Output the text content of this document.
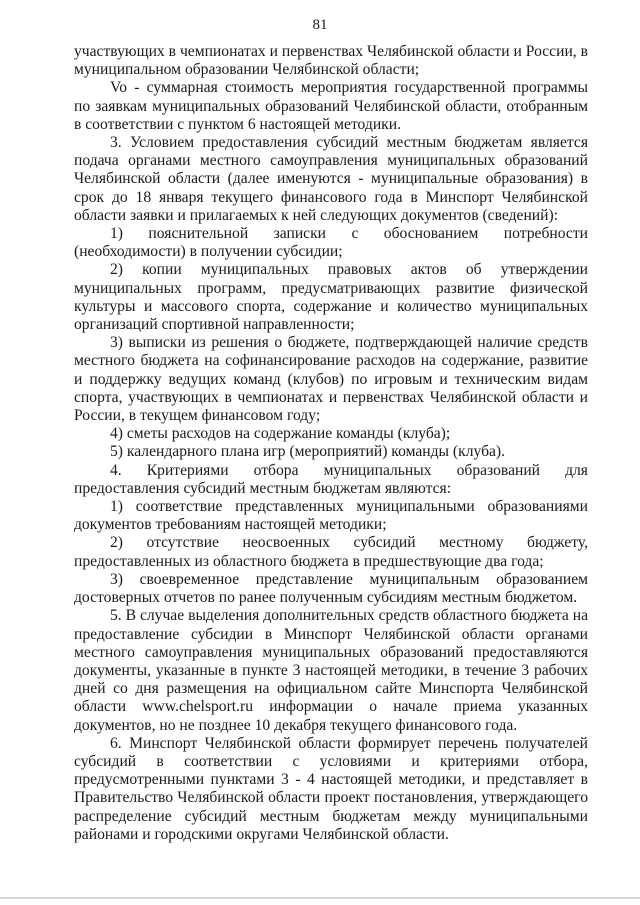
81

участвующих в чемпионатах и первенствах Челябинской области и России, в муниципальном образовании Челябинской области;

Vo - суммарная стоимость мероприятия государственной программы по заявкам муниципальных образований Челябинской области, отобранным в соответствии с пунктом 6 настоящей методики.

3. Условием предоставления субсидий местным бюджетам является подача органами местного самоуправления муниципальных образований Челябинской области (далее именуются - муниципальные образования) в срок до 18 января текущего финансового года в Минспорт Челябинской области заявки и прилагаемых к ней следующих документов (сведений):

1) пояснительной записки с обоснованием потребности (необходимости) в получении субсидии;

2) копии муниципальных правовых актов об утверждении муниципальных программ, предусматривающих развитие физической культуры и массового спорта, содержание и количество муниципальных организаций спортивной направленности;

3) выписки из решения о бюджете, подтверждающей наличие средств местного бюджета на софинансирование расходов на содержание, развитие и поддержку ведущих команд (клубов) по игровым и техническим видам спорта, участвующих в чемпионатах и первенствах Челябинской области и России, в текущем финансовом году;

4) сметы расходов на содержание команды (клуба);

5) календарного плана игр (мероприятий) команды (клуба).

4. Критериями отбора муниципальных образований для предоставления субсидий местным бюджетам являются:

1) соответствие представленных муниципальными образованиями документов требованиям настоящей методики;

2) отсутствие неосвоенных субсидий местному бюджету, предоставленных из областного бюджета в предшествующие два года;

3) своевременное представление муниципальным образованием достоверных отчетов по ранее полученным субсидиям местным бюджетом.

5. В случае выделения дополнительных средств областного бюджета на предоставление субсидии в Минспорт Челябинской области органами местного самоуправления муниципальных образований предоставляются документы, указанные в пункте 3 настоящей методики, в течение 3 рабочих дней со дня размещения на официальном сайте Минспорта Челябинской области www.chelsport.ru информации о начале приема указанных документов, но не позднее 10 декабря текущего финансового года.

6. Минспорт Челябинской области формирует перечень получателей субсидий в соответствии с условиями и критериями отбора, предусмотренными пунктами 3 - 4 настоящей методики, и представляет в Правительство Челябинской области проект постановления, утверждающего распределение субсидий местным бюджетам между муниципальными районами и городскими округами Челябинской области.
